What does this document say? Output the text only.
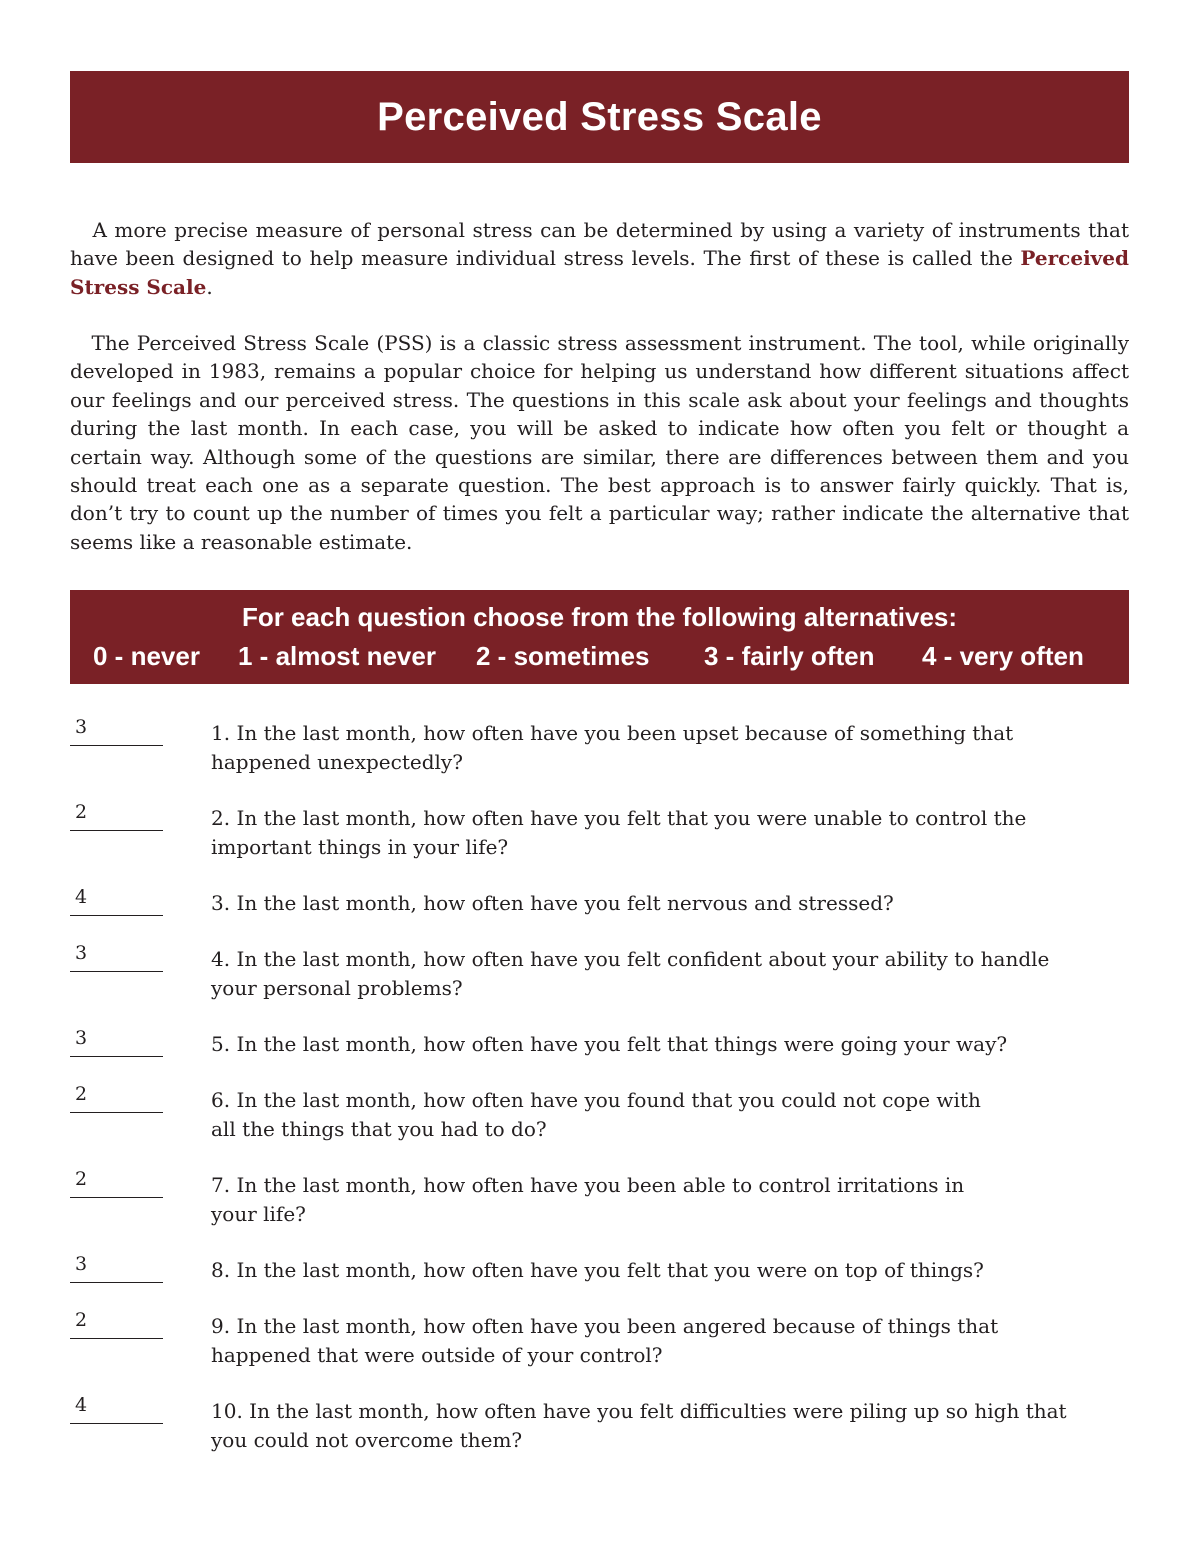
Perceived Stress Scale

A more precise measure of personal stress can be determined by using a variety of instruments that have been designed to help measure individual stress levels. The first of these is called the Perceived Stress Scale.

The Perceived Stress Scale (PSS) is a classic stress assessment instrument. The tool, while originally developed in 1983, remains a popular choice for helping us understand how different situations affect our feelings and our perceived stress. The questions in this scale ask about your feelings and thoughts during the last month. In each case, you will be asked to indicate how often you felt or thought a certain way. Although some of the questions are similar, there are differences between them and you should treat each one as a separate question. The best approach is to answer fairly quickly. That is, don’t try to count up the number of times you felt a particular way; rather indicate the alternative that seems like a reasonable estimate.

For each question choose from the following alternatives:
0 - never 1 - almost never 2 - sometimes 3 - fairly often 4 - very often
3	1. In the last month, how often have you been upset because of something that
happened unexpectedly?

2	2. In the last month, how often have you felt that you were unable to control the
important things in your life?

4	3. In the last month, how often have you felt nervous and stressed?

3	4. In the last month, how often have you felt confident about your ability to handle
your personal problems?

3	5. In the last month, how often have you felt that things were going your way?

2	6. In the last month, how often have you found that you could not cope with
all the things that you had to do?

2	7. In the last month, how often have you been able to control irritations in
your life?

3	8. In the last month, how often have you felt that you were on top of things?

2	9. In the last month, how often have you been angered because of things that
happened that were outside of your control?

4	10. In the last month, how often have you felt difficulties were piling up so high that
you could not overcome them?
